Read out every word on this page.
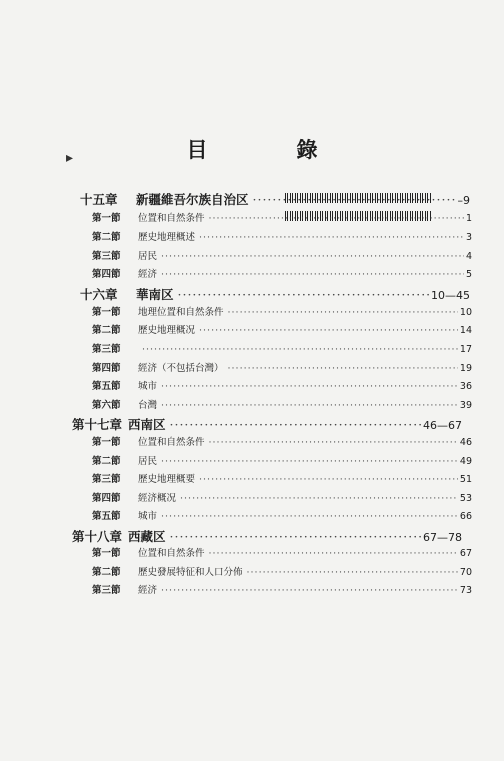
目　錄
▸
十五章	新疆維吾尔族自治区 ·····	–9
第一節	位置和自然条件 ·····	1
第二節	歷史地理概述 ·····	3
第三節	居民 ·····	4
第四節	經济 ·····	5
十六章	華南区 ·····	10—45
第一節	地理位置和自然条件 ·····	10
第二節	歷史地理概况 ·····	14
第三節 ·····	17
第四節	經济（不包括台灣） ·····	19
第五節	城市 ·····	36
第六節	台灣 ·····	39
第十七章 西南区 ·····	46—67
第一節	位置和自然条件 ·····	46
第二節	居民 ·····	49
第三節	歷史地理概要 ·····	51
第四節	經济概况 ·····	53
第五節	城市 ·····	66
第十八章 西藏区 ·····	67—78
第一節	位置和自然条件 ·····	67
第二節	歷史發展特征和人口分佈 ·····	70
第三節	經济 ·····	73
